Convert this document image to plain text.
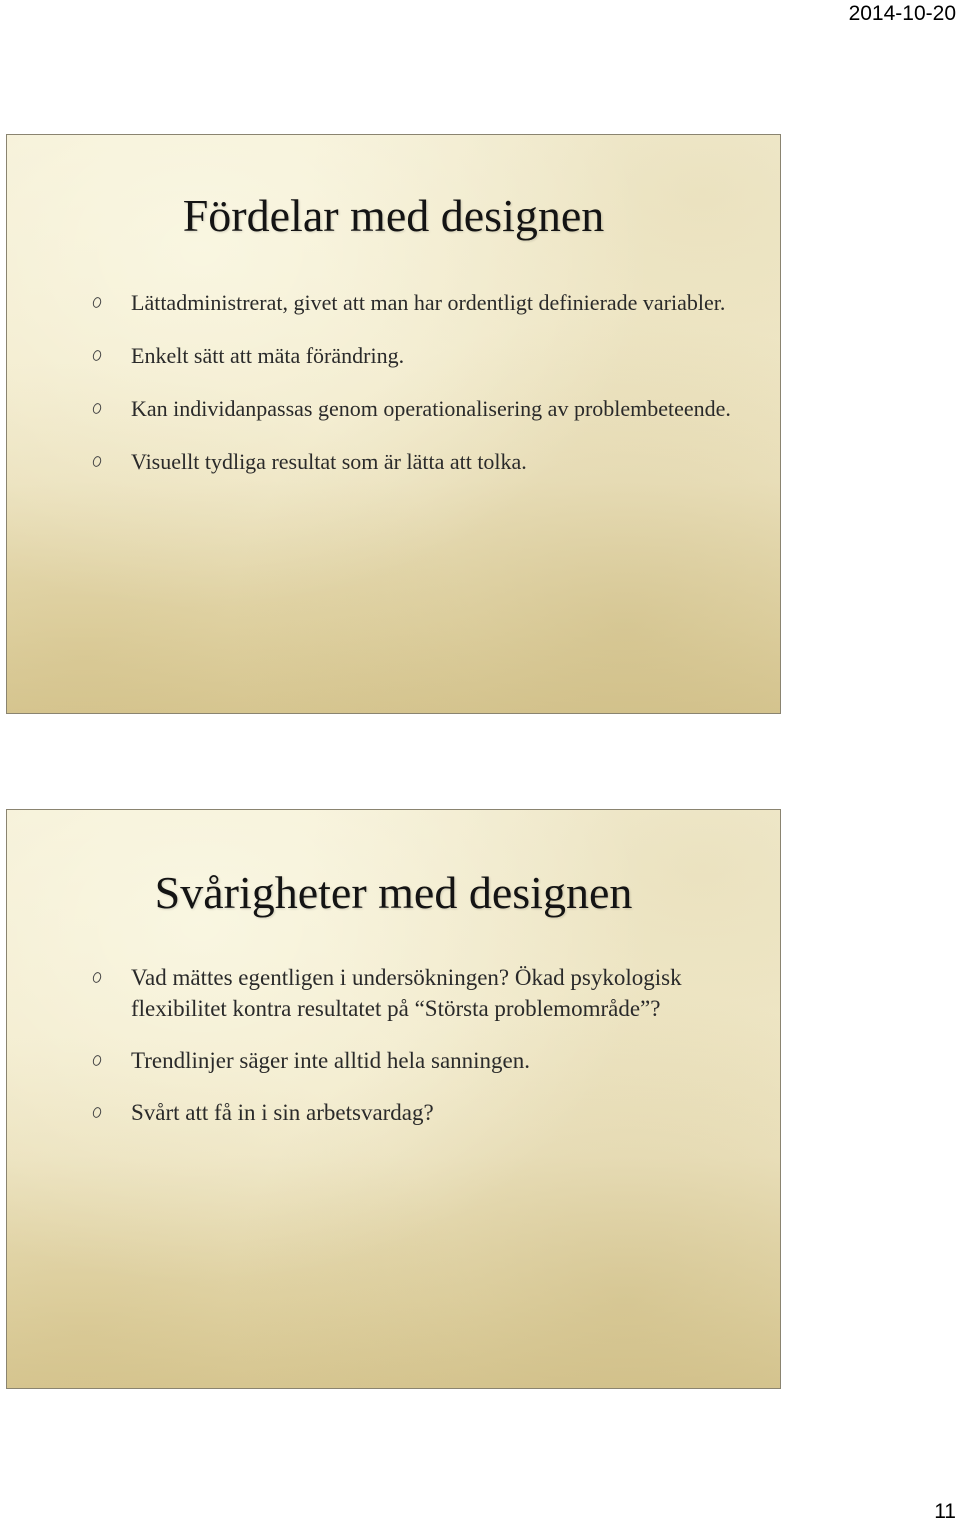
2014-10-20
Fördelar med designen
Lättadministrerat, givet att man har ordentligt definierade variabler.
Enkelt sätt att mäta förändring.
Kan individanpassas genom operationalisering av problembeteende.
Visuellt tydliga resultat som är lätta att tolka.
Svårigheter med designen
Vad mättes egentligen i undersökningen? Ökad psykologisk flexibilitet kontra resultatet på “Största problemområde”?
Trendlinjer säger inte alltid hela sanningen.
Svårt att få in i sin arbetsvardag?
11
